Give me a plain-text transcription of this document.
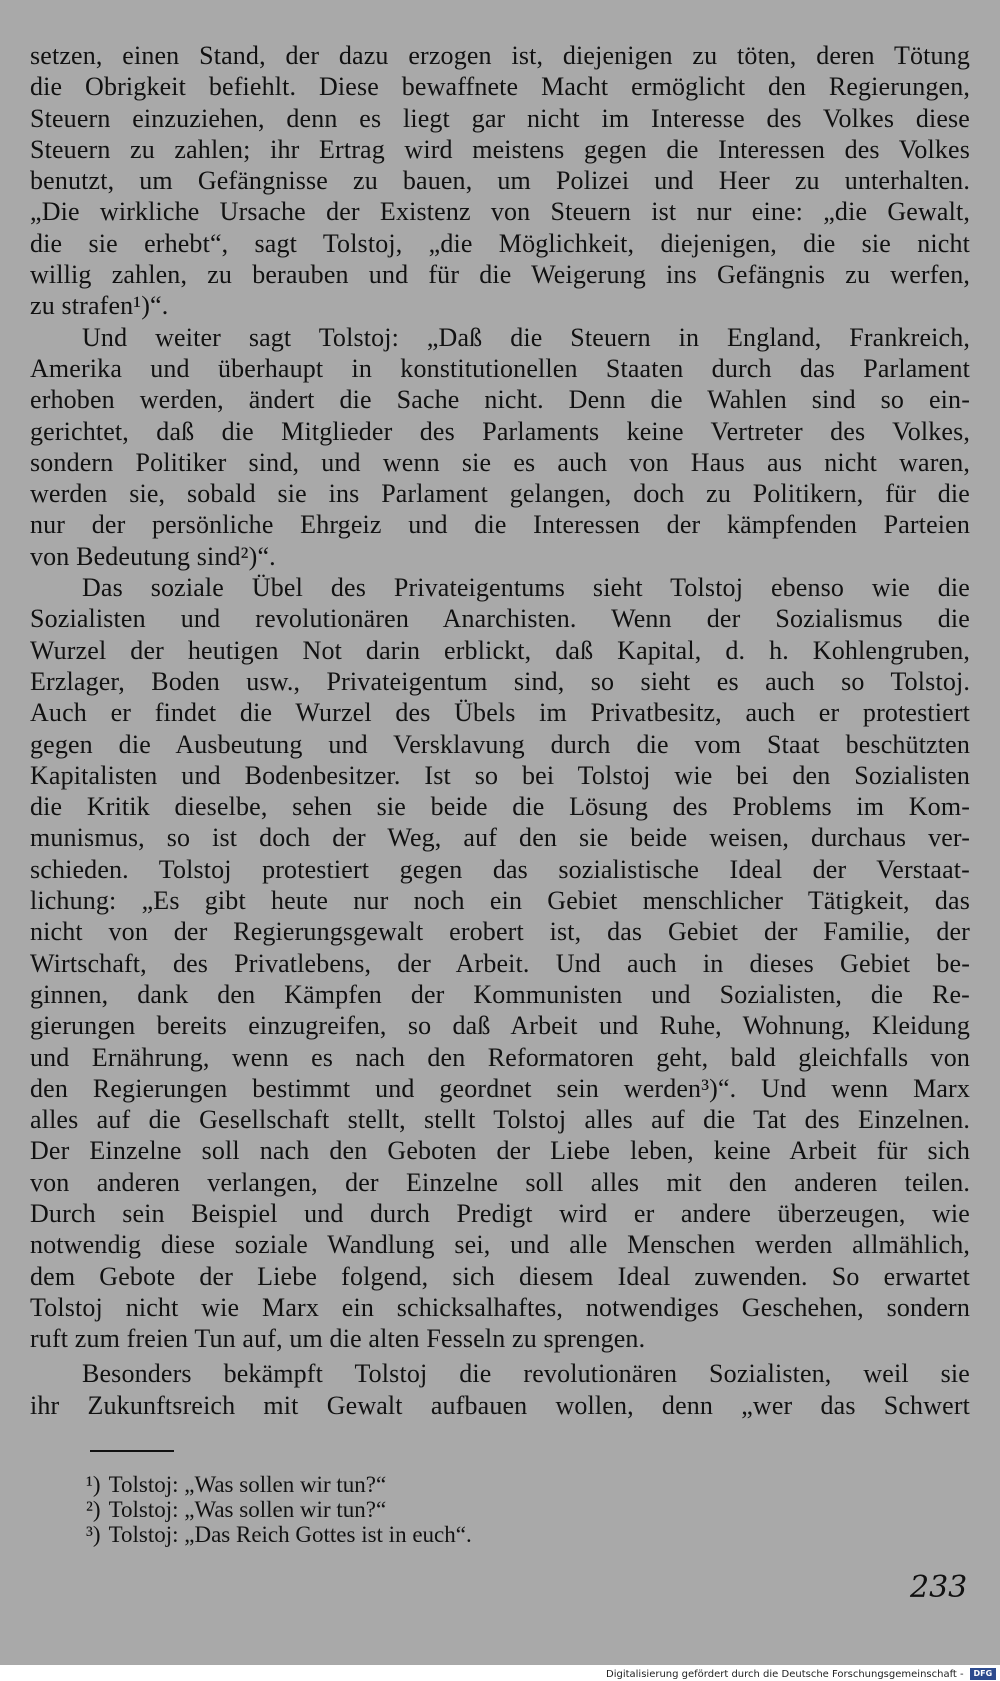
setzen, einen Stand, der dazu erzogen ist, diejenigen zu töten, deren Tötung
die Obrigkeit befiehlt. Diese bewaffnete Macht ermöglicht den Regierungen,
Steuern einzuziehen, denn es liegt gar nicht im Interesse des Volkes diese
Steuern zu zahlen; ihr Ertrag wird meistens gegen die Interessen des Volkes
benutzt, um Gefängnisse zu bauen, um Polizei und Heer zu unterhalten.
„Die wirkliche Ursache der Existenz von Steuern ist nur eine: „die Gewalt,
die sie erhebt“, sagt Tolstoj, „die Möglichkeit, diejenigen, die sie nicht
willig zahlen, zu berauben und für die Weigerung ins Gefängnis zu werfen,
zu strafen¹)“.
Und weiter sagt Tolstoj: „Daß die Steuern in England, Frankreich,
Amerika und überhaupt in konstitutionellen Staaten durch das Parlament
erhoben werden, ändert die Sache nicht. Denn die Wahlen sind so ein-
gerichtet, daß die Mitglieder des Parlaments keine Vertreter des Volkes,
sondern Politiker sind, und wenn sie es auch von Haus aus nicht waren,
werden sie, sobald sie ins Parlament gelangen, doch zu Politikern, für die
nur der persönliche Ehrgeiz und die Interessen der kämpfenden Parteien
von Bedeutung sind²)“.
Das soziale Übel des Privateigentums sieht Tolstoj ebenso wie die
Sozialisten und revolutionären Anarchisten. Wenn der Sozialismus die
Wurzel der heutigen Not darin erblickt, daß Kapital, d. h. Kohlengruben,
Erzlager, Boden usw., Privateigentum sind, so sieht es auch so Tolstoj.
Auch er findet die Wurzel des Übels im Privatbesitz, auch er protestiert
gegen die Ausbeutung und Versklavung durch die vom Staat beschützten
Kapitalisten und Bodenbesitzer. Ist so bei Tolstoj wie bei den Sozialisten
die Kritik dieselbe, sehen sie beide die Lösung des Problems im Kom-
munismus, so ist doch der Weg, auf den sie beide weisen, durchaus ver-
schieden. Tolstoj protestiert gegen das sozialistische Ideal der Verstaat-
lichung: „Es gibt heute nur noch ein Gebiet menschlicher Tätigkeit, das
nicht von der Regierungsgewalt erobert ist, das Gebiet der Familie, der
Wirtschaft, des Privatlebens, der Arbeit. Und auch in dieses Gebiet be-
ginnen, dank den Kämpfen der Kommunisten und Sozialisten, die Re-
gierungen bereits einzugreifen, so daß Arbeit und Ruhe, Wohnung, Kleidung
und Ernährung, wenn es nach den Reformatoren geht, bald gleichfalls von
den Regierungen bestimmt und geordnet sein werden³)“. Und wenn Marx
alles auf die Gesellschaft stellt, stellt Tolstoj alles auf die Tat des Einzelnen.
Der Einzelne soll nach den Geboten der Liebe leben, keine Arbeit für sich
von anderen verlangen, der Einzelne soll alles mit den anderen teilen.
Durch sein Beispiel und durch Predigt wird er andere überzeugen, wie
notwendig diese soziale Wandlung sei, und alle Menschen werden allmählich,
dem Gebote der Liebe folgend, sich diesem Ideal zuwenden. So erwartet
Tolstoj nicht wie Marx ein schicksalhaftes, notwendiges Geschehen, sondern
ruft zum freien Tun auf, um die alten Fesseln zu sprengen.
Besonders bekämpft Tolstoj die revolutionären Sozialisten, weil sie
ihr Zukunftsreich mit Gewalt aufbauen wollen, denn „wer das Schwert
¹) Tolstoj: „Was sollen wir tun?“
²) Tolstoj: „Was sollen wir tun?“
³) Tolstoj: „Das Reich Gottes ist in euch“.
233
Digitalisierung gefördert durch die Deutsche Forschungsgemeinschaft - DFG
